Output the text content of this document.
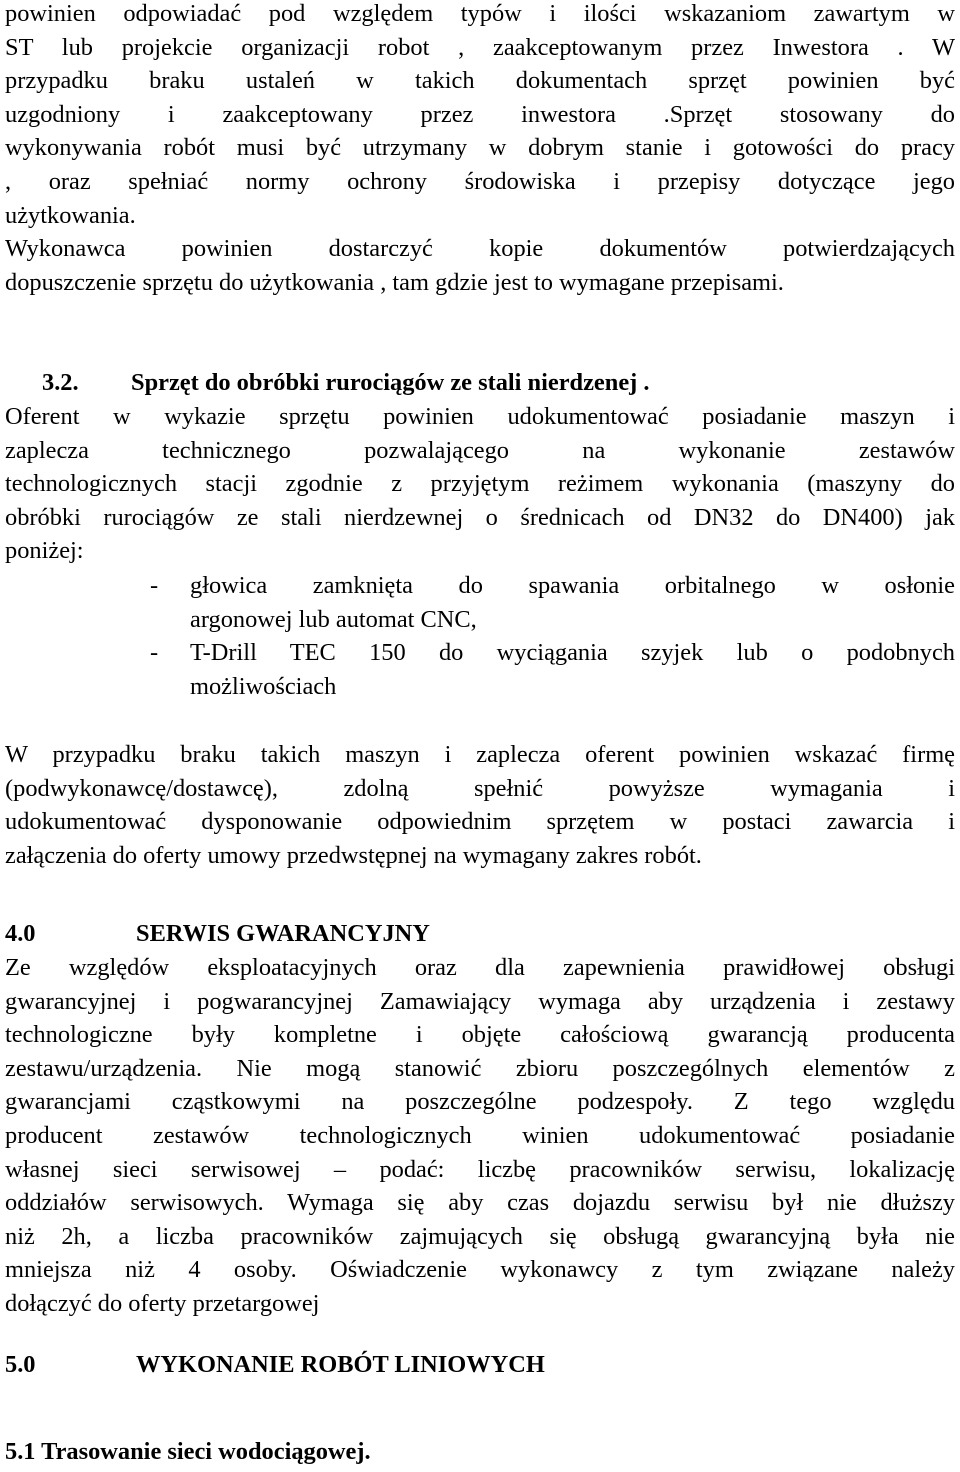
powinien odpowiadać pod względem typów i ilości wskazaniom zawartym w
ST lub projekcie organizacji robot , zaakceptowanym przez Inwestora . W
przypadku braku ustaleń w takich dokumentach sprzęt powinien być
uzgodniony i zaakceptowany przez inwestora .Sprzęt stosowany do
wykonywania robót musi być utrzymany w dobrym stanie i gotowości do pracy
, oraz spełniać normy ochrony środowiska i przepisy dotyczące jego
użytkowania.
Wykonawca powinien dostarczyć kopie dokumentów potwierdzających
dopuszczenie sprzętu do użytkowania , tam gdzie jest to wymagane przepisami.
3.2. Sprzęt do obróbki rurociągów ze stali nierdzenej .
Oferent w wykazie sprzętu powinien udokumentować posiadanie maszyn i
zaplecza technicznego pozwalającego na wykonanie zestawów
technologicznych stacji zgodnie z przyjętym reżimem wykonania (maszyny do
obróbki rurociągów ze stali nierdzewnej o średnicach od DN32 do DN400) jak
poniżej:
- głowica zamknięta do spawania orbitalnego w osłonie
argonowej lub automat CNC,
- T-Drill TEC 150 do wyciągania szyjek lub o podobnych
możliwościach
W przypadku braku takich maszyn i zaplecza oferent powinien wskazać firmę
(podwykonawcę/dostawcę), zdolną spełnić powyższe wymagania i
udokumentować dysponowanie odpowiednim sprzętem w postaci zawarcia i
załączenia do oferty umowy przedwstępnej na wymagany zakres robót.
4.0	SERWIS GWARANCYJNY
Ze względów eksploatacyjnych oraz dla zapewnienia prawidłowej obsługi
gwarancyjnej i pogwarancyjnej Zamawiający wymaga aby urządzenia i zestawy
technologiczne były kompletne i objęte całościową gwarancją producenta
zestawu/urządzenia. Nie mogą stanowić zbioru poszczególnych elementów z
gwarancjami cząstkowymi na poszczególne podzespoły. Z tego względu
producent zestawów technologicznych winien udokumentować posiadanie
własnej sieci serwisowej – podać: liczbę pracowników serwisu, lokalizację
oddziałów serwisowych. Wymaga się aby czas dojazdu serwisu był nie dłuższy
niż 2h, a liczba pracowników zajmujących się obsługą gwarancyjną była nie
mniejsza niż 4 osoby. Oświadczenie wykonawcy z tym związane należy
dołączyć do oferty przetargowej
5.0	WYKONANIE ROBÓT LINIOWYCH
5.1 Trasowanie sieci wodociągowej.
